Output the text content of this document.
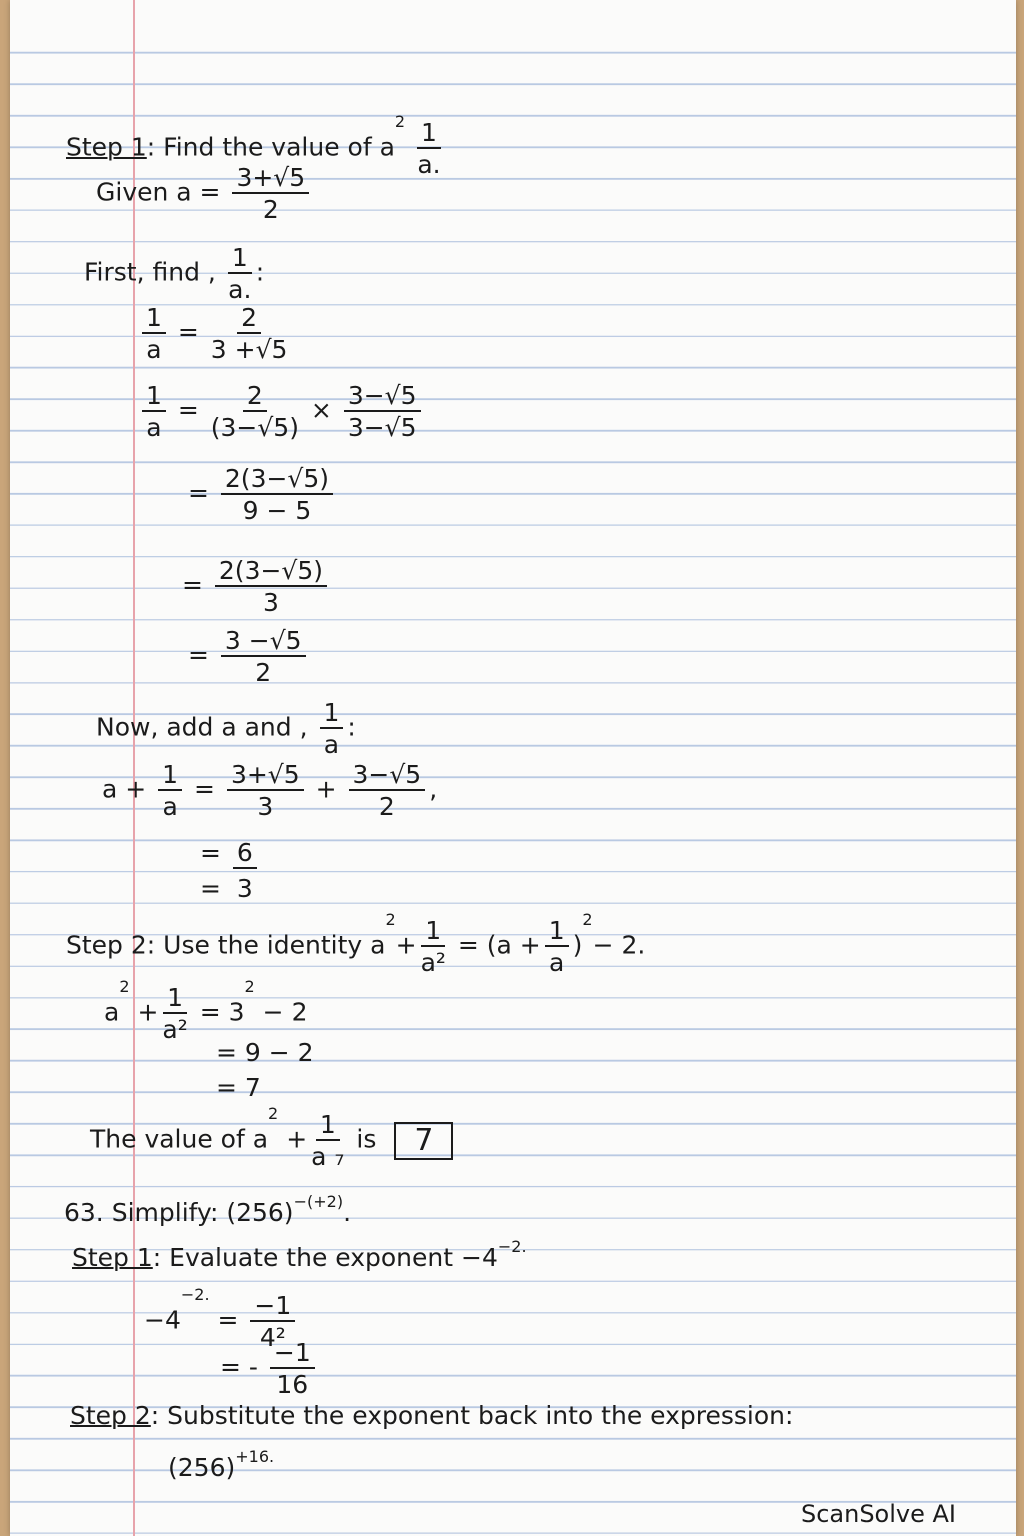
Step 1: Find the value of $a^2 \frac{1}{a.}$
Given $a = \frac{3+√5}{2}$
First, find , $\frac{1}{a.}$ :
$\frac{1}{a} = \frac{2}{3 +√5}$
$\frac{1}{a} = \frac{2}{(3-√5)} \times \frac{3-√5}{3-√5}$
= $\frac{2(3-√5)}{9 - 5}$
= $\frac{2(3-√5)}{3}$
= $\frac{3 -√5}{2}$
Now, add a and , $\frac{1}{a}$ :
$a + \frac{1}{a} = \frac{3+√5}{3} + \frac{3-√5}{2}$ ,
= 6
= 3
Step 2: Use the identity $a^2+ \frac{1}{\text{a²}} = (a + \frac{1}{a} )^2- 2$.
$a^2 + \frac{1}{\text{a²}} = 3^2 - 2$
= 9 − 2
= 7
The value of $a^2 + \frac{1}{\text{a ₇}}$ is 7
63. Simplify: $(256)^{-(+2)}$.
Step 1: Evaluate the exponent $-4^{-2.}$
$-4^{-2.} = \frac{-1}{\text{4²}}$
= - $\frac{-1}{16}$
Step 2: Substitute the exponent back into the expression:
$(256)^{+16.}$
ScanSolve AI
